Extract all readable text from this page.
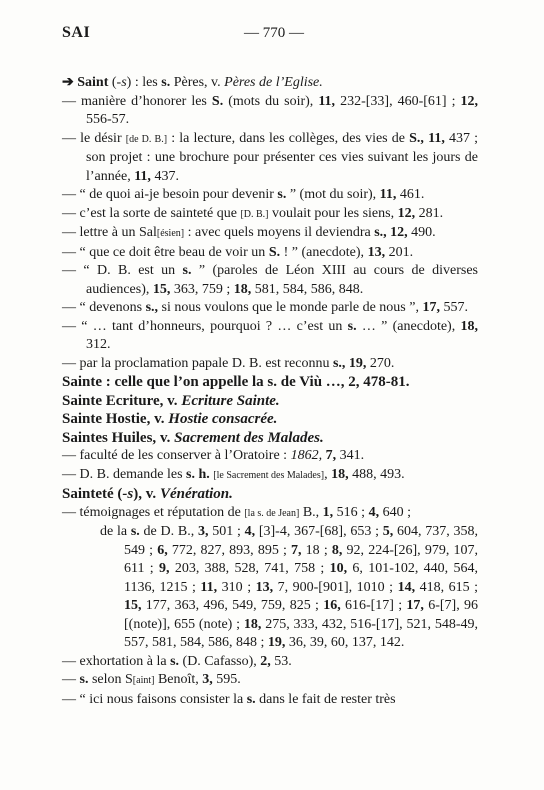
SAI	— 770 —

➔ Saint (-s) : les s. Pères, v. Pères de l’Eglise.

— manière d’honorer les S. (mots du soir), 11, 232-[33], 460-[61] ; 12, 556-57.

— le désir [de D. B.] : la lecture, dans les collèges, des vies de S., 11, 437 ; son projet : une brochure pour présenter ces vies suivant les jours de l’année, 11, 437.

— “ de quoi ai-je besoin pour devenir s. ” (mot du soir), 11, 461.

— c’est la sorte de sainteté que [D. B.] voulait pour les siens, 12, 281.

— lettre à un Sal[ésien] : avec quels moyens il deviendra s., 12, 490.

— “ que ce doit être beau de voir un S. ! ” (anecdote), 13, 201.

— “ D. B. est un s. ” (paroles de Léon XIII au cours de diverses audiences), 15, 363, 759 ; 18, 581, 584, 586, 848.

— “ devenons s., si nous voulons que le monde parle de nous ”, 17, 557.

— “ … tant d’honneurs, pourquoi ? … c’est un s. … ” (anecdote), 18, 312.

— par la proclamation papale D. B. est reconnu s., 19, 270.

Sainte : celle que l’on appelle la s. de Viù …, 2, 478-81.

Sainte Ecriture, v. Ecriture Sainte.

Sainte Hostie, v. Hostie consacrée.

Saintes Huiles, v. Sacrement des Malades.

— faculté de les conserver à l’Oratoire : 1862, 7, 341.

— D. B. demande les s. h. [le Sacrement des Malades], 18, 488, 493.

Sainteté (-s), v. Vénération.

— témoignages et réputation de [la s. de Jean] B., 1, 516 ; 4, 640 ;

de la s. de D. B., 3, 501 ; 4, [3]-4, 367-[68], 653 ; 5, 604, 737, 358, 549 ; 6, 772, 827, 893, 895 ; 7, 18 ; 8, 92, 224-[26], 979, 107, 611 ; 9, 203, 388, 528, 741, 758 ; 10, 6, 101-102, 440, 564, 1136, 1215 ; 11, 310 ; 13, 7, 900-[901], 1010 ; 14, 418, 615 ; 15, 177, 363, 496, 549, 759, 825 ; 16, 616-[17] ; 17, 6-[7], 96 [(note)], 655 (note) ; 18, 275, 333, 432, 516-[17], 521, 548-49, 557, 581, 584, 586, 848 ; 19, 36, 39, 60, 137, 142.

— exhortation à la s. (D. Cafasso), 2, 53.

— s. selon S[aint] Benoît, 3, 595.

— “ ici nous faisons consister la s. dans le fait de rester très
